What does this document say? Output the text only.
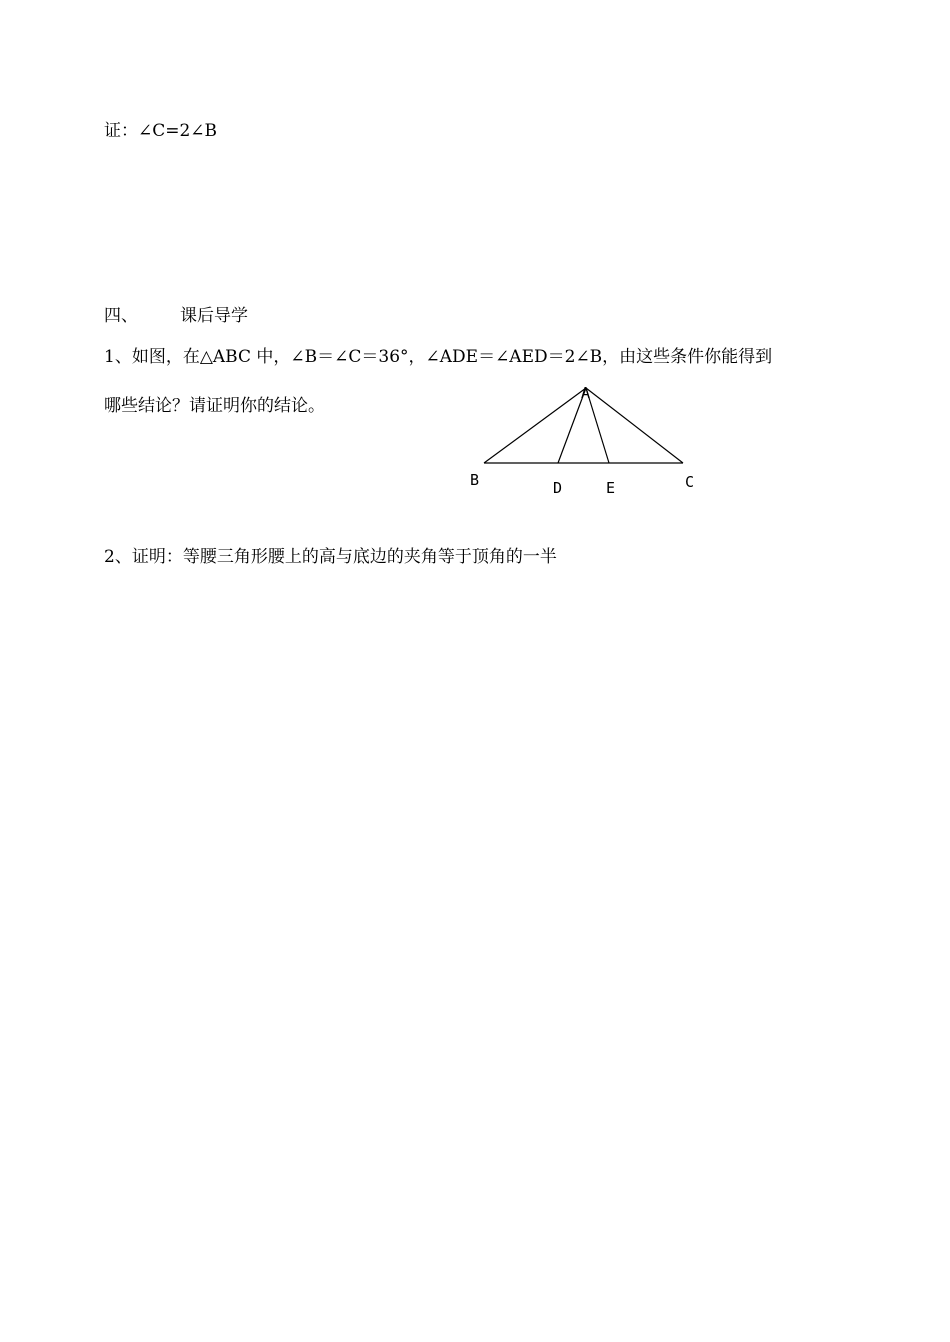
证：∠C=2∠B
四、 课后导学
1、如图，在△ABC 中，∠B＝∠C＝36°，∠ADE＝∠AED＝2∠B，由这些条件你能得到
哪些结论？请证明你的结论。
A
B	D	E	C
2、证明：等腰三角形腰上的高与底边的夹角等于顶角的一半
